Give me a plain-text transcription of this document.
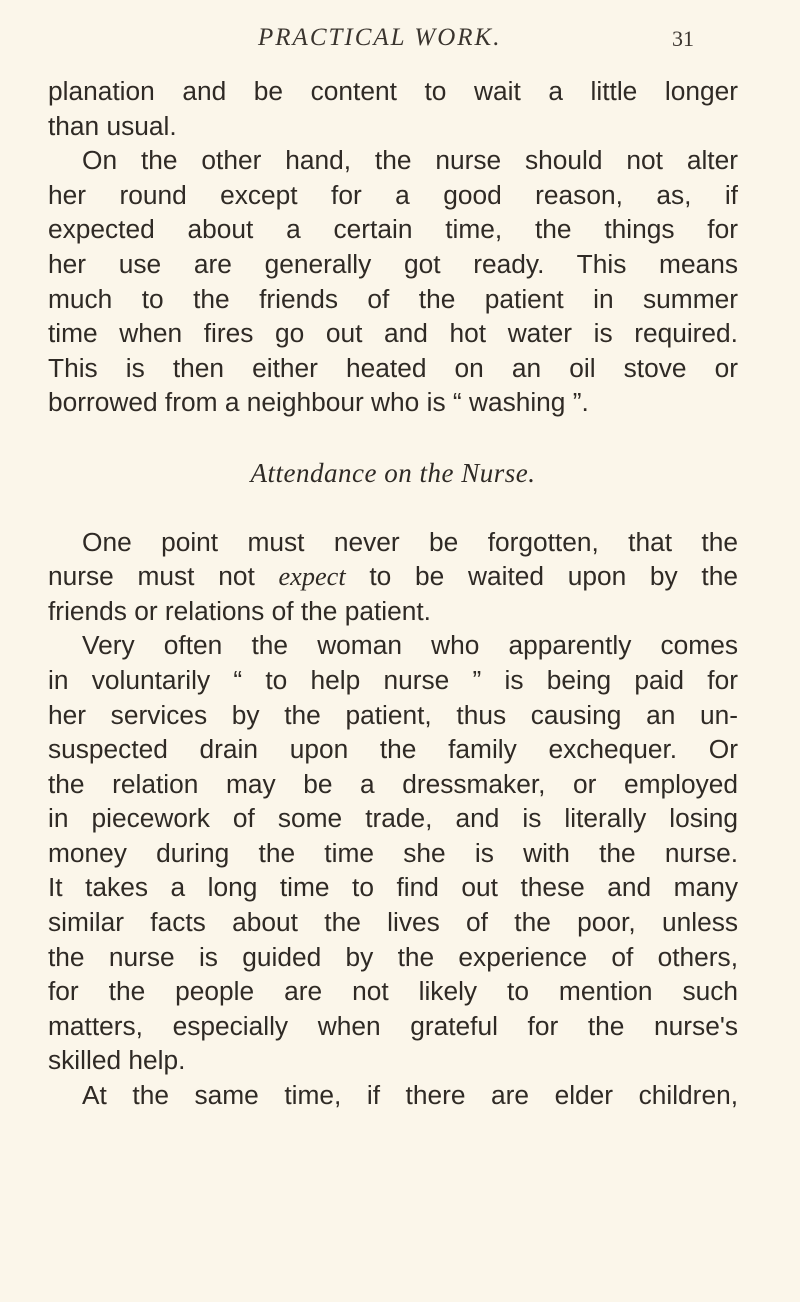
PRACTICAL WORK.	31
planation and be content to wait a little longer
than usual.
On the other hand, the nurse should not alter
her round except for a good reason, as, if
expected about a certain time, the things for
her use are generally got ready. This means
much to the friends of the patient in summer
time when fires go out and hot water is required.
This is then either heated on an oil stove or
borrowed from a neighbour who is “ washing ”.
Attendance on the Nurse.
One point must never be forgotten, that the
nurse must not expect to be waited upon by the
friends or relations of the patient.
Very often the woman who apparently comes
in voluntarily “ to help nurse ” is being paid for
her services by the patient, thus causing an un-
suspected drain upon the family exchequer. Or
the relation may be a dressmaker, or employed
in piecework of some trade, and is literally losing
money during the time she is with the nurse.
It takes a long time to find out these and many
similar facts about the lives of the poor, unless
the nurse is guided by the experience of others,
for the people are not likely to mention such
matters, especially when grateful for the nurse's
skilled help.
At the same time, if there are elder children,
